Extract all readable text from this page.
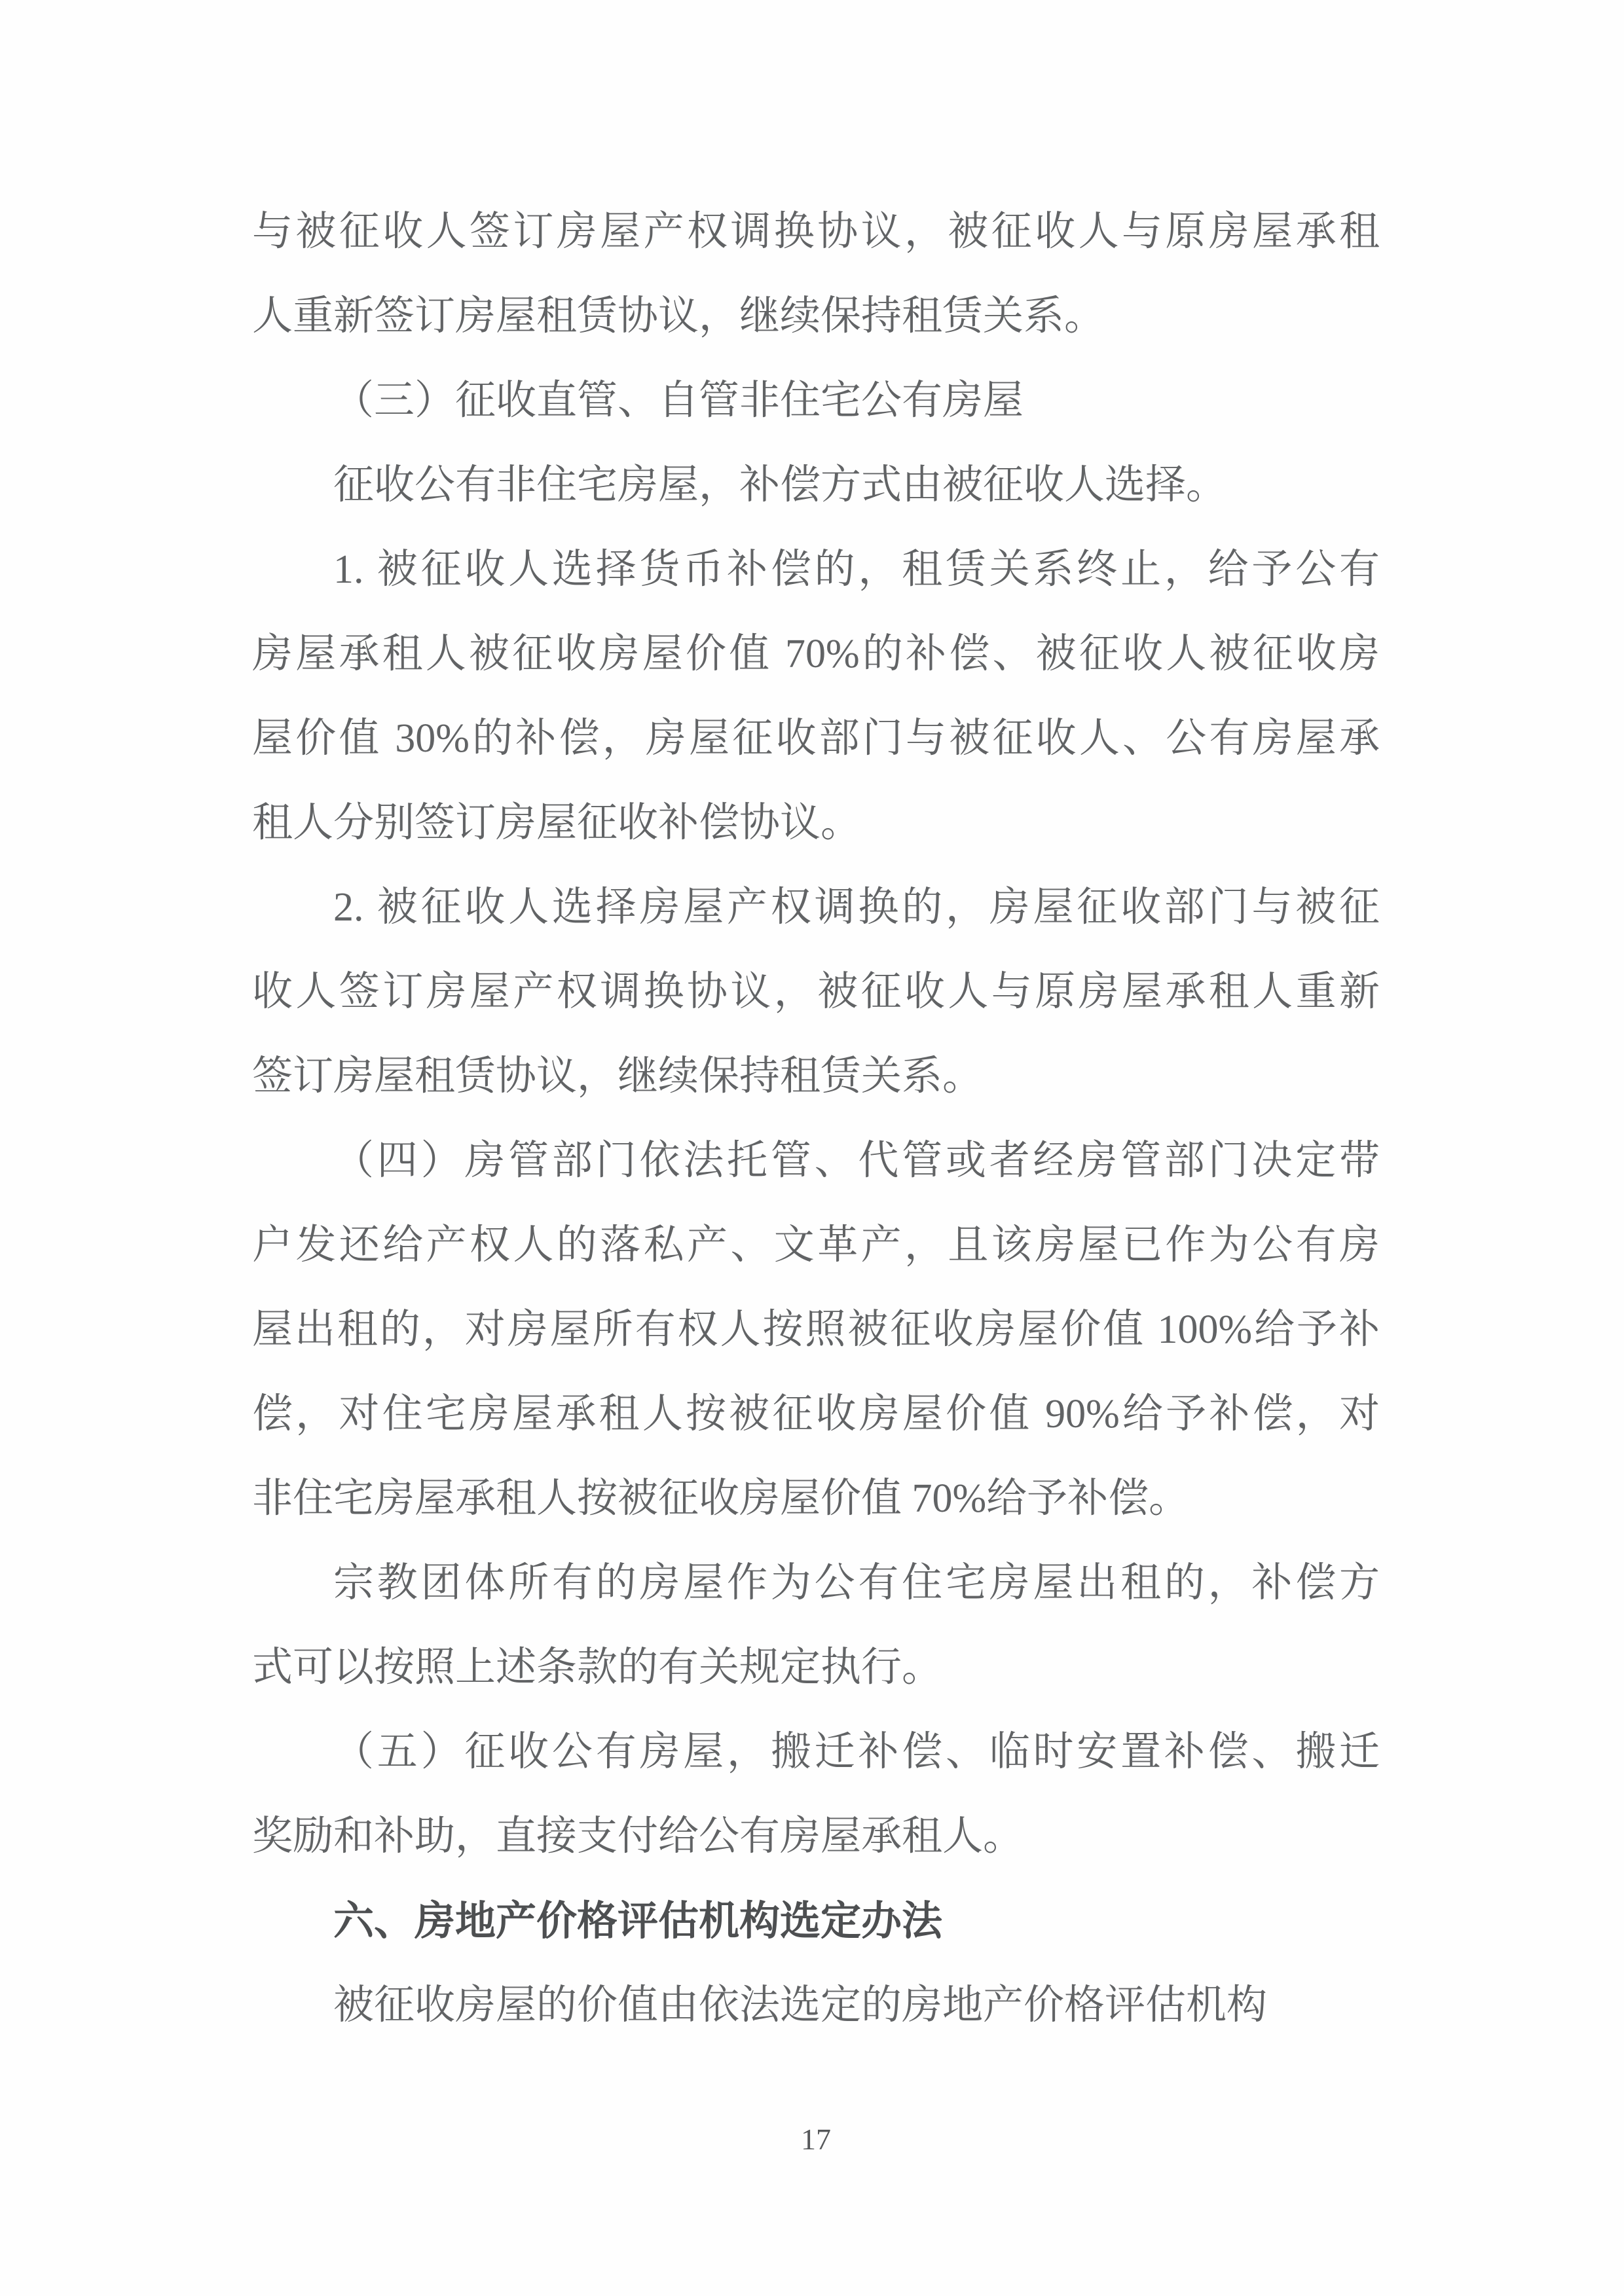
与被征收人签订房屋产权调换协议，被征收人与原房屋承租
人重新签订房屋租赁协议，继续保持租赁关系。
（三）征收直管、自管非住宅公有房屋
征收公有非住宅房屋，补偿方式由被征收人选择。
1. 被征收人选择货币补偿的，租赁关系终止，给予公有
房屋承租人被征收房屋价值 70%的补偿、被征收人被征收房
屋价值 30%的补偿，房屋征收部门与被征收人、公有房屋承
租人分别签订房屋征收补偿协议。
2. 被征收人选择房屋产权调换的，房屋征收部门与被征
收人签订房屋产权调换协议，被征收人与原房屋承租人重新
签订房屋租赁协议，继续保持租赁关系。
（四）房管部门依法托管、代管或者经房管部门决定带
户发还给产权人的落私产、文革产，且该房屋已作为公有房
屋出租的，对房屋所有权人按照被征收房屋价值 100%给予补
偿，对住宅房屋承租人按被征收房屋价值 90%给予补偿，对
非住宅房屋承租人按被征收房屋价值 70%给予补偿。
宗教团体所有的房屋作为公有住宅房屋出租的，补偿方
式可以按照上述条款的有关规定执行。
（五）征收公有房屋，搬迁补偿、临时安置补偿、搬迁
奖励和补助，直接支付给公有房屋承租人。
六、房地产价格评估机构选定办法
被征收房屋的价值由依法选定的房地产价格评估机构
17
